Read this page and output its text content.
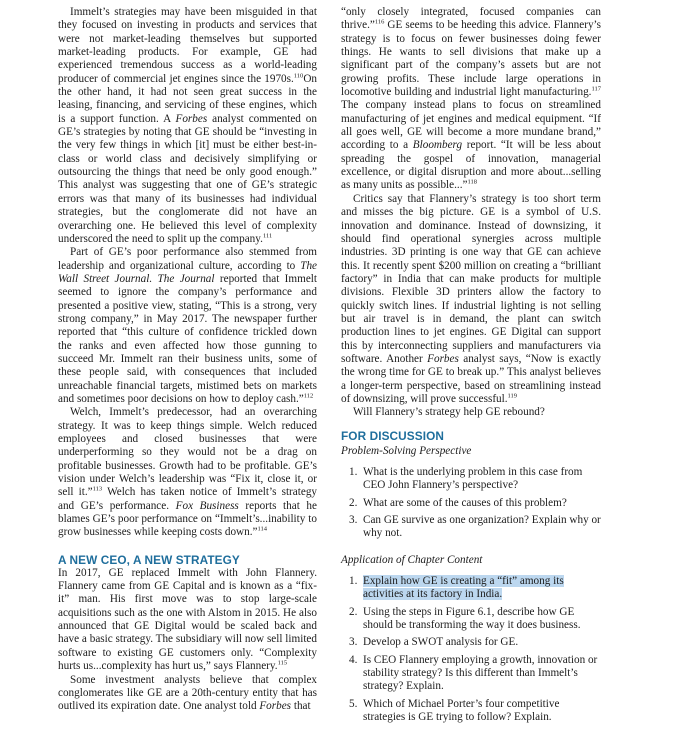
Immelt’s strategies may have been misguided in that they focused on investing in products and services that were not market-leading themselves but supported market-leading products. For example, GE had experienced tremendous success as a world-leading producer of commercial jet engines since the 1970s.$^{110}$On the other hand, it had not seen great success in the leasing, financing, and servicing of these engines, which is a support function. A Forbes analyst commented on GE’s strategies by noting that GE should be “investing in the very few things in which [it] must be either best-in-class or world class and decisively simplifying or outsourcing the things that need be only good enough.” This analyst was suggesting that one of GE’s strategic errors was that many of its businesses had individual strategies, but the conglomerate did not have an overarching one. He believed this level of complexity underscored the need to split up the company.$^{111}$

Part of GE’s poor performance also stemmed from leadership and organizational culture, according to The Wall Street Journal. The Journal reported that Immelt seemed to ignore the company’s performance and presented a positive view, stating, “This is a strong, very strong company,” in May 2017. The newspaper further reported that “this culture of confidence trickled down the ranks and even affected how those gunning to succeed Mr. Immelt ran their business units, some of these people said, with consequences that included unreachable financial targets, mistimed bets on markets and sometimes poor decisions on how to deploy cash.”$^{112}$

Welch, Immelt’s predecessor, had an overarching strategy. It was to keep things simple. Welch reduced employees and closed businesses that were underperforming so they would not be a drag on profitable businesses. Growth had to be profitable. GE’s vision under Welch’s leadership was “Fix it, close it, or sell it.”$^{113}$ Welch has taken notice of Immelt’s strategy and GE’s performance. Fox Business reports that he blames GE’s poor performance on “Immelt’s...inability to grow businesses while keeping costs down.”$^{114}$

A NEW CEO, A NEW STRATEGY

In 2017, GE replaced Immelt with John Flannery. Flannery came from GE Capital and is known as a “fix-it” man. His first move was to stop large-scale acquisitions such as the one with Alstom in 2015. He also announced that GE Digital would be scaled back and have a basic strategy. The subsidiary will now sell limited software to existing GE customers only. “Complexity hurts us...complexity has hurt us,” says Flannery.$^{115}$

Some investment analysts believe that complex conglomerates like GE are a 20th-century entity that has outlived its expiration date. One analyst told Forbes that

“only closely integrated, focused companies can thrive.”$^{116}$ GE seems to be heeding this advice. Flannery’s strategy is to focus on fewer businesses doing fewer things. He wants to sell divisions that make up a significant part of the company’s assets but are not growing profits. These include large operations in locomotive building and industrial light manufacturing.$^{117}$ The company instead plans to focus on streamlined manufacturing of jet engines and medical equipment. “If all goes well, GE will become a more mundane brand,” according to a Bloomberg report. “It will be less about spreading the gospel of innovation, managerial excellence, or digital disruption and more about...selling as many units as possible...”$^{118}$

Critics say that Flannery’s strategy is too short term and misses the big picture. GE is a symbol of U.S. innovation and dominance. Instead of downsizing, it should find operational synergies across multiple industries. 3D printing is one way that GE can achieve this. It recently spent $200 million on creating a “brilliant factory” in India that can make products for multiple divisions. Flexible 3D printers allow the factory to quickly switch lines. If industrial lighting is not selling but air travel is in demand, the plant can switch production lines to jet engines. GE Digital can support this by interconnecting suppliers and manufacturers via software. Another Forbes analyst says, “Now is exactly the wrong time for GE to break up.” This analyst believes a longer-term perspective, based on streamlining instead of downsizing, will prove successful.$^{119}$

Will Flannery’s strategy help GE rebound?

FOR DISCUSSION

Problem-Solving Perspective

1. What is the underlying problem in this case from CEO John Flannery’s perspective?
2. What are some of the causes of this problem?
3. Can GE survive as one organization? Explain why or why not.

Application of Chapter Content

1. Explain how GE is creating a “fit” among its activities at its factory in India.
2. Using the steps in Figure 6.1, describe how GE should be transforming the way it does business.
3. Develop a SWOT analysis for GE.
4. Is CEO Flannery employing a growth, innovation or stability strategy? Is this different than Immelt’s strategy? Explain.
5. Which of Michael Porter’s four competitive strategies is GE trying to follow? Explain.
